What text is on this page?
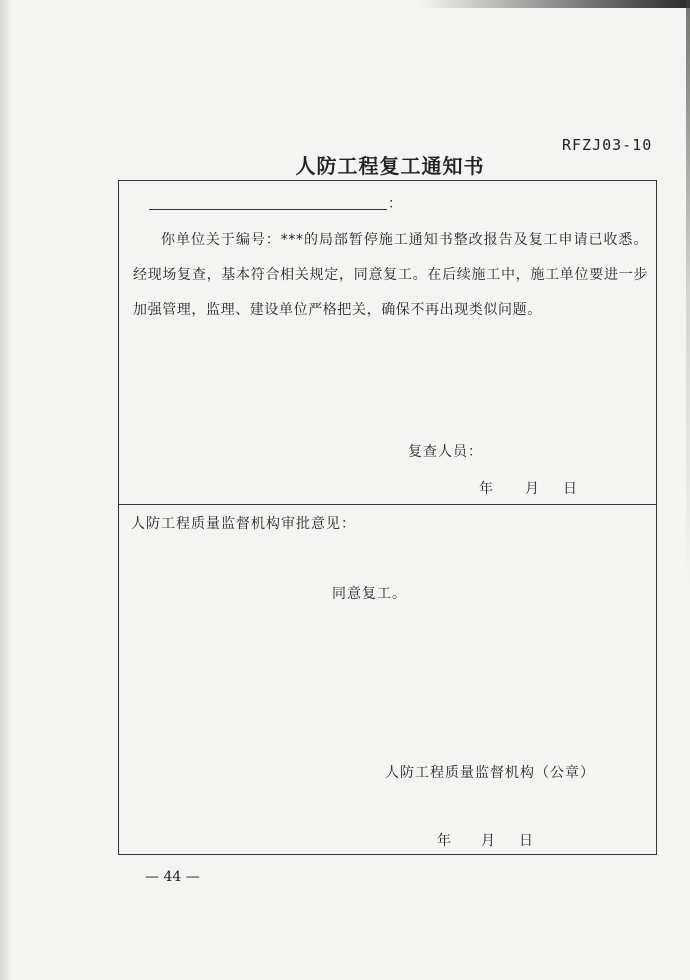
RFZJ03-10
人防工程复工通知书
：
你单位关于编号：***的局部暂停施工通知书整改报告及复工申请已收悉。经现场复查，基本符合相关规定，同意复工。在后续施工中，施工单位要进一步加强管理，监理、建设单位严格把关，确保不再出现类似问题。
复查人员：
年 月 日
人防工程质量监督机构审批意见：
同意复工。
人防工程质量监督机构（公章）
年 月 日
— 44 —
